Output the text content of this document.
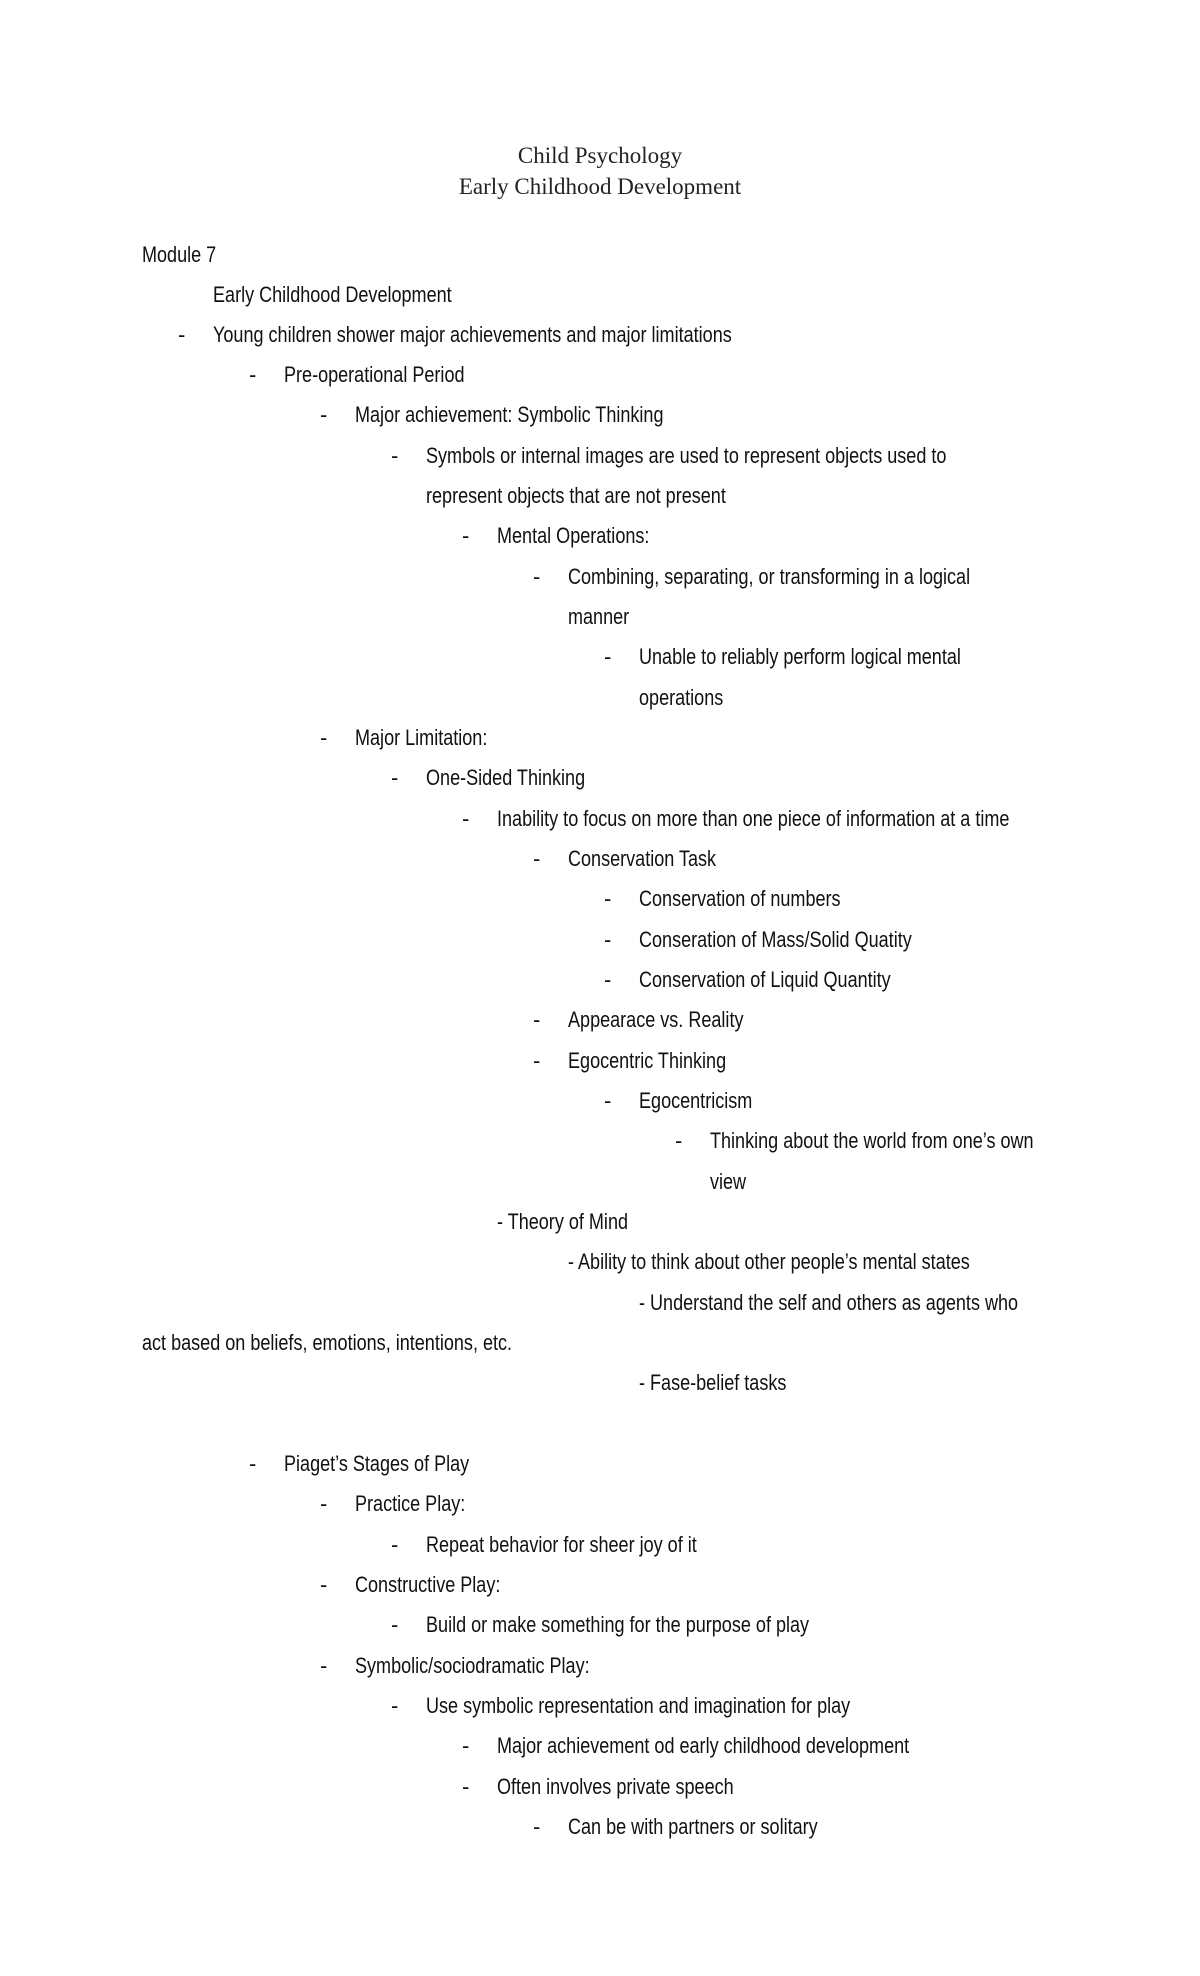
Child Psychology
Early Childhood Development
Module 7
Early Childhood Development
- Young children shower major achievements and major limitations
- Pre-operational Period
- Major achievement: Symbolic Thinking
- Symbols or internal images are used to represent objects used to
represent objects that are not present
- Mental Operations:
- Combining, separating, or transforming in a logical
manner
- Unable to reliably perform logical mental
operations
- Major Limitation:
- One-Sided Thinking
- Inability to focus on more than one piece of information at a time
- Conservation Task
- Conservation of numbers
- Conseration of Mass/Solid Quatity
- Conservation of Liquid Quantity
- Appearace vs. Reality
- Egocentric Thinking
- Egocentricism
- Thinking about the world from one’s own
view
- Theory of Mind
- Ability to think about other people’s mental states
- Understand the self and others as agents who
act based on beliefs, emotions, intentions, etc.
- Fase-belief tasks
- Piaget’s Stages of Play
- Practice Play:
- Repeat behavior for sheer joy of it
- Constructive Play:
- Build or make something for the purpose of play
- Symbolic/sociodramatic Play:
- Use symbolic representation and imagination for play
- Major achievement od early childhood development
- Often involves private speech
- Can be with partners or solitary
